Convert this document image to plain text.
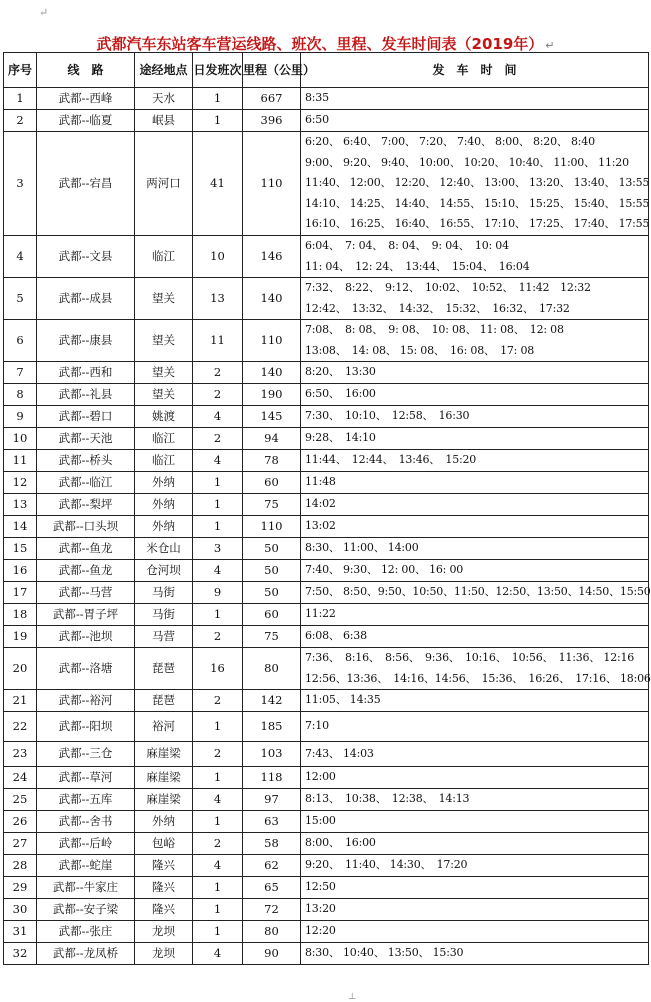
↵
武都汽车东站客车营运线路、班次、里程、发车时间表（2019年） ↵
序号	线　路	途经地点	日发班次	里程（公里）	发　车　时　间
1	武都--西峰	天水	1	667	8:35

2	武都--临夏	岷县	1	396	6:50

3	武都--宕昌	两河口	41	110	6:20、 6:40、 7:00、 7:20、 7:40、 8:00、 8:20、 8:40
9:00、 9:20、 9:40、 10:00、 10:20、 10:40、 11:00、 11:20
11:40、 12:00、 12:20、 12:40、 13:00、 13:20、 13:40、 13:55
14:10、 14:25、 14:40、 14:55、 15:10、 15:25、 15:40、 15:55
16:10、 16:25、 16:40、 16:55、 17:10、 17:25、 17:40、 17:55

4	武都--文县	临江	10	146	6:04、　7: 04、　8: 04、　9: 04、　10: 04
11: 04、　12: 24、　13:44、　15:04、　16:04

5	武都--成县	望关	13	140	7:32、　8:22、　9:12、　10:02、　10:52、　11:42　12:32
12:42、　13:32、　14:32、　15:32、　16:32、　17:32

6	武都--康县	望关	11	110	7:08、　8: 08、　9: 08、　10: 08、 11: 08、　12: 08
13:08、　14: 08、 15: 08、　16: 08、　17: 08

7	武都--西和	望关	2	140	8:20、　13:30

8	武都--礼县	望关	2	190	6:50、　16:00

9	武都--碧口	姚渡	4	145	7:30、　10:10、　12:58、　16:30

10	武都--天池	临江	2	94	9:28、　14:10

11	武都--桥头	临江	4	78	11:44、　12:44、　13:46、　15:20

12	武都--临江	外纳	1	60	11:48

13	武都--梨坪	外纳	1	75	14:02

14	武都--口头坝	外纳	1	110	13:02

15	武都--鱼龙	米仓山	3	50	8:30、 11:00、 14:00

16	武都--鱼龙	仓河坝	4	50	7:40、 9:30、 12: 00、 16: 00

17	武都--马营	马街	9	50	7:50、 8:50、9:50、10:50、11:50、12:50、13:50、14:50、15:50

18	武都--胃子坪	马街	1	60	11:22

19	武都--池坝	马营	2	75	6:08、 6:38

20	武都--洛塘	琵琶	16	80	7:36、　8:16、　8:56、　9:36、　10:16、　10:56、　11:36、 12:16
12:56、13:36、　14:16、14:56、　15:36、　16:26、　17:16、 18:06

21	武都--裕河	琵琶	2	142	11:05、 14:35

22	武都--阳坝	裕河	1	185	7:10

23	武都--三仓	麻崖梁	2	103	7:43、 14:03

24	武都--草河	麻崖梁	1	118	12:00

25	武都--五库	麻崖梁	4	97	8:13、　10:38、　12:38、　14:13

26	武都--舍书	外纳	1	63	15:00

27	武都--后岭	包峪	2	58	8:00、　16:00

28	武都--蛇崖	隆兴	4	62	9:20、　11:40、 14:30、　17:20

29	武都--牛家庄	隆兴	1	65	12:50

30	武都--安子梁	隆兴	1	72	13:20

31	武都--张庄	龙坝	1	80	12:20

32	武都--龙凤桥	龙坝	4	90	8:30、 10:40、 13:50、 15:30
⊥
